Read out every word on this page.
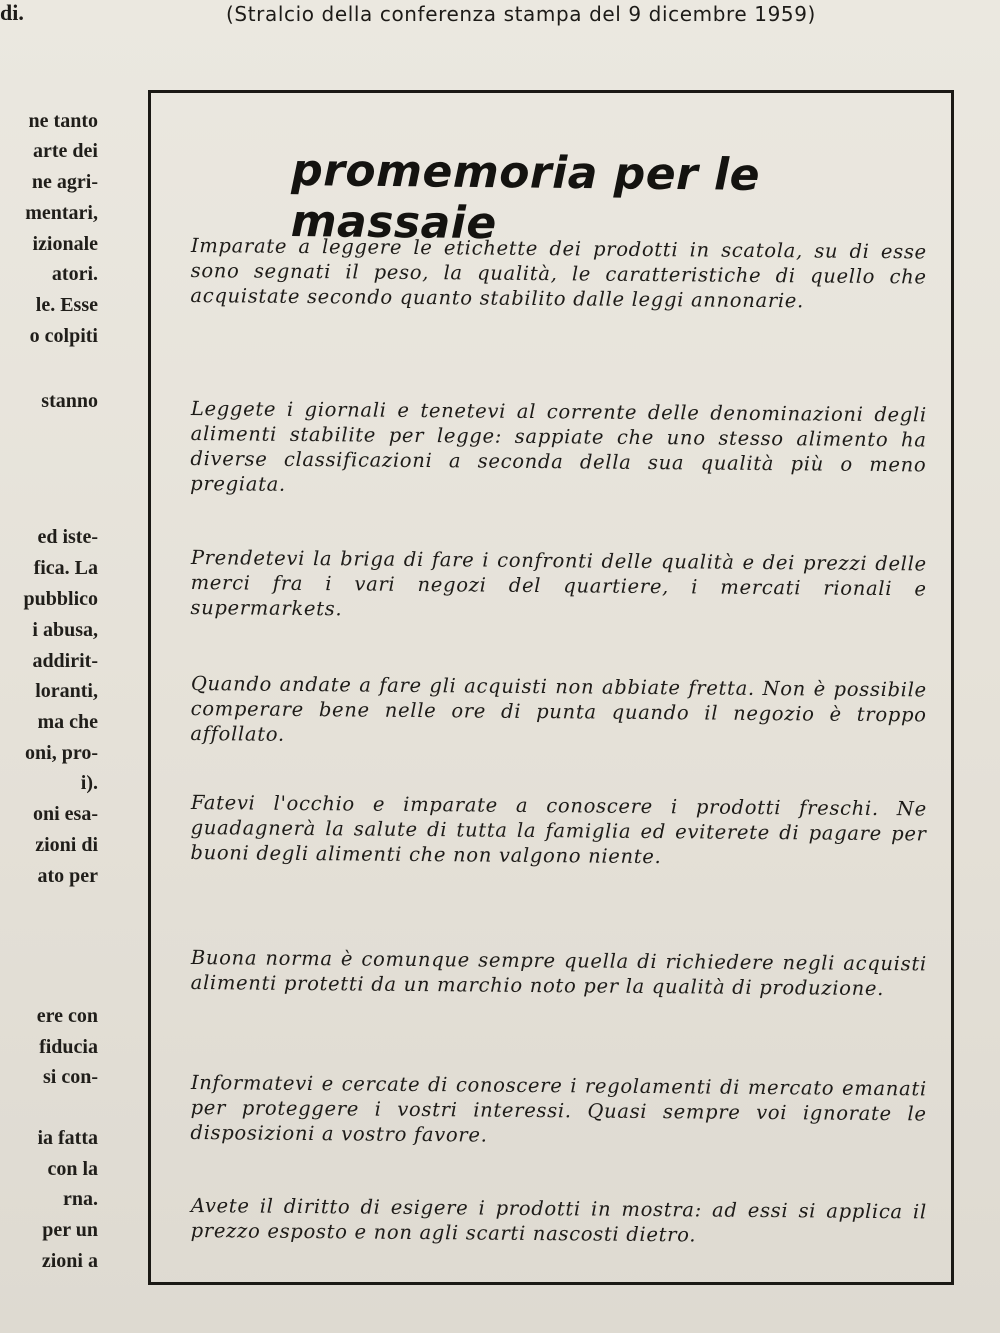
di.	(Stralcio della conferenza stampa del 9 dicembre 1959)
ne tanto
arte dei
ne agri-
mentari,
izionale
atori.
le. Esse
o colpiti
stanno
ed iste-
fica. La
pubblico
i abusa,
addirit-
loranti,
ma che
oni, pro-
i).
oni esa-
zioni di
ato per
ere con
fiducia
si con-
ia fatta
con la
rna.
per un
zioni a
promemoria per le massaie

Imparate a leggere le etichette dei prodotti in scatola, su di esse sono segnati il peso, la qualità, le caratteristiche di quello che acquistate secondo quanto stabilito dalle leggi annonarie.

Leggete i giornali e tenetevi al corrente delle denominazioni degli alimenti stabilite per legge: sappiate che uno stesso alimento ha diverse classificazioni a seconda della sua qualità più o meno pregiata.

Prendetevi la briga di fare i confronti delle qualità e dei prezzi delle merci fra i vari negozi del quartiere, i mercati rionali e supermarkets.

Quando andate a fare gli acquisti non abbiate fretta. Non è possibile comperare bene nelle ore di punta quando il negozio è troppo affollato.

Fatevi l'occhio e imparate a conoscere i prodotti freschi. Ne guadagnerà la salute di tutta la famiglia ed eviterete di pagare per buoni degli alimenti che non valgono niente.

Buona norma è comunque sempre quella di richiedere negli acquisti alimenti protetti da un marchio noto per la qualità di produzione.

Informatevi e cercate di conoscere i regolamenti di mercato emanati per proteggere i vostri interessi. Quasi sempre voi ignorate le disposizioni a vostro favore.

Avete il diritto di esigere i prodotti in mostra: ad essi si applica il prezzo esposto e non agli scarti nascosti dietro.
